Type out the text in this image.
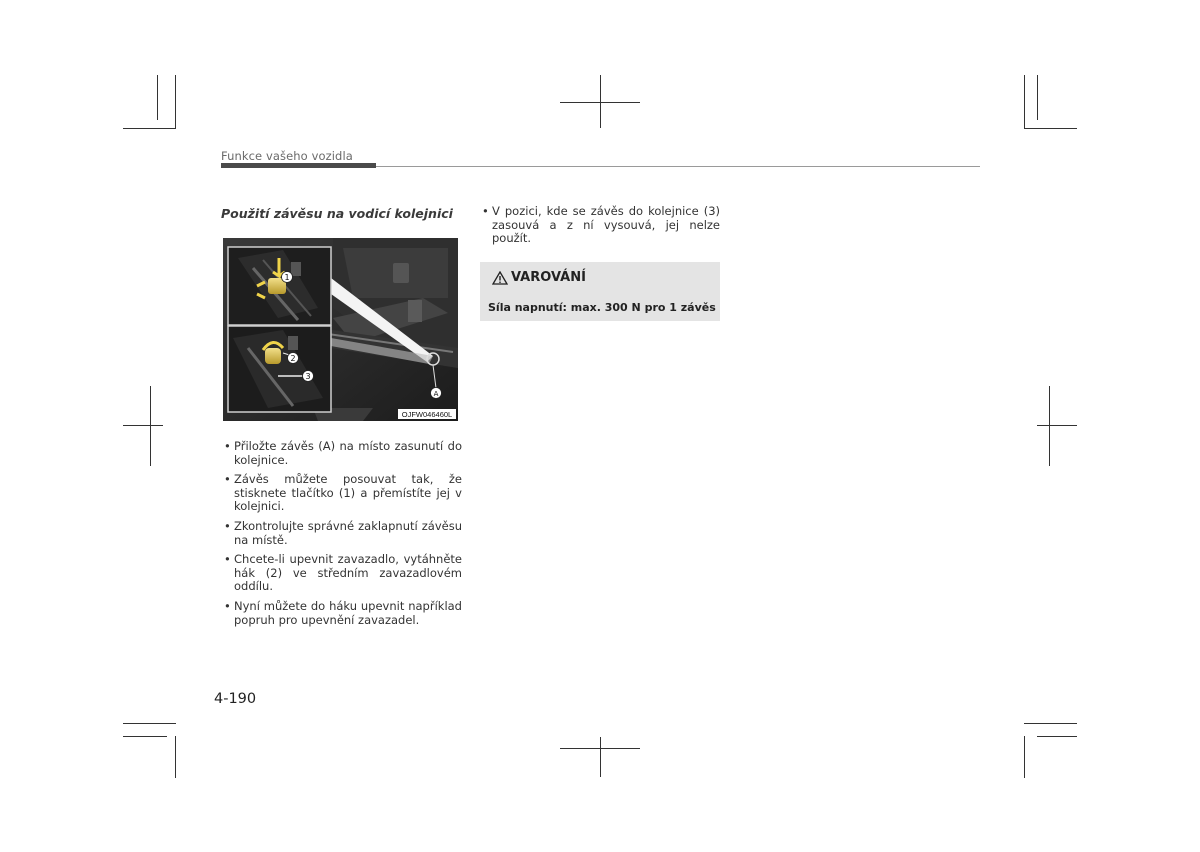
Funkce vašeho vozidla
Použití závěsu na vodicí kolejnici
1
2
3
A
OJFW046460L
• Přiložte závěs (A) na místo zasunutí do kolejnice.
• Závěs můžete posouvat tak, že stisknete tlačítko (1) a přemístíte jej v kolejnici.
• Zkontrolujte správné zaklapnutí závěsu na místě.
• Chcete-li upevnit zavazadlo, vytáhněte hák (2) ve středním zavazadlovém oddílu.
• Nyní můžete do háku upevnit například popruh pro upevnění zavazadel.
• V pozici, kde se závěs do kolejnice (3) zasouvá a z ní vysouvá, jej nelze použít.
VAROVÁNÍ
Síla napnutí: max. 300 N pro 1 závěs
4-190
